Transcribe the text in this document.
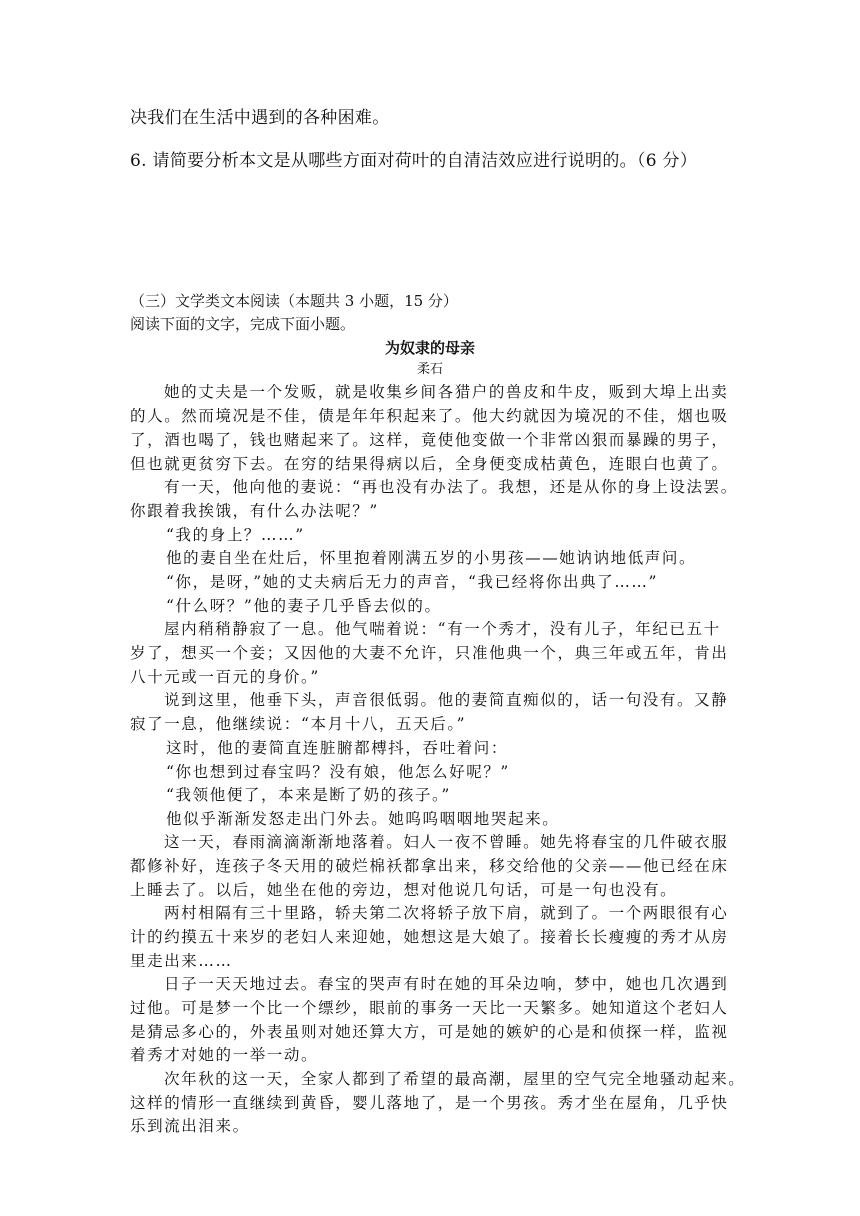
决我们在生活中遇到的各种困难。
6. 请简要分析本文是从哪些方面对荷叶的自清洁效应进行说明的。（6 分）
（三）文学类文本阅读（本题共 3 小题，15 分）
阅读下面的文字，完成下面小题。
为奴隶的母亲
柔石
她的丈夫是一个发贩，就是收集乡间各猎户的兽皮和牛皮，贩到大埠上出卖
的人。然而境况是不佳，债是年年积起来了。他大约就因为境况的不佳，烟也吸
了，酒也喝了，钱也赌起来了。这样，竟使他变做一个非常凶狠而暴躁的男子，
但也就更贫穷下去。在穷的结果得病以后，全身便变成枯黄色，连眼白也黄了。
有一天，他向他的妻说：“再也没有办法了。我想，还是从你的身上设法罢。
你跟着我挨饿，有什么办法呢？”
“我的身上？……”
他的妻自坐在灶后，怀里抱着刚满五岁的小男孩——她讷讷地低声问。
“你，是呀，”她的丈夫病后无力的声音，“我已经将你出典了……”
“什么呀？”他的妻子几乎昏去似的。
屋内稍稍静寂了一息。他气喘着说：“有一个秀才，没有儿子，年纪已五十
岁了，想买一个妾；又因他的大妻不允许，只准他典一个，典三年或五年，肯出
八十元或一百元的身价。”
说到这里，他垂下头，声音很低弱。他的妻简直痴似的，话一句没有。又静
寂了一息，他继续说：“本月十八，五天后。”
这时，他的妻简直连脏腑都榑抖，吞吐着问：
“你也想到过春宝吗？没有娘，他怎么好呢？”
“我领他便了，本来是断了奶的孩子。”
他似乎渐渐发怒走出门外去。她呜呜咽咽地哭起来。
这一天，春雨滴滴渐渐地落着。妇人一夜不曾睡。她先将春宝的几件破衣服
都修补好，连孩子冬天用的破烂棉袄都拿出来，移交给他的父亲——他已经在床
上睡去了。以后，她坐在他的旁边，想对他说几句话，可是一句也没有。
两村相隔有三十里路，轿夫第二次将轿子放下肩，就到了。一个两眼很有心
计的约摸五十来岁的老妇人来迎她，她想这是大娘了。接着长长瘦瘦的秀才从房
里走出来……
日子一天天地过去。春宝的哭声有时在她的耳朵边响，梦中，她也几次遇到
过他。可是梦一个比一个缥纱，眼前的事务一天比一天繁多。她知道这个老妇人
是猜忌多心的，外表虽则对她还算大方，可是她的嫉妒的心是和侦探一样，监视
着秀才对她的一举一动。
次年秋的这一天，全家人都到了希望的最高潮，屋里的空气完全地骚动起来。
这样的情形一直继续到黄昏，婴儿落地了，是一个男孩。秀才坐在屋角，几乎快
乐到流出泪来。
